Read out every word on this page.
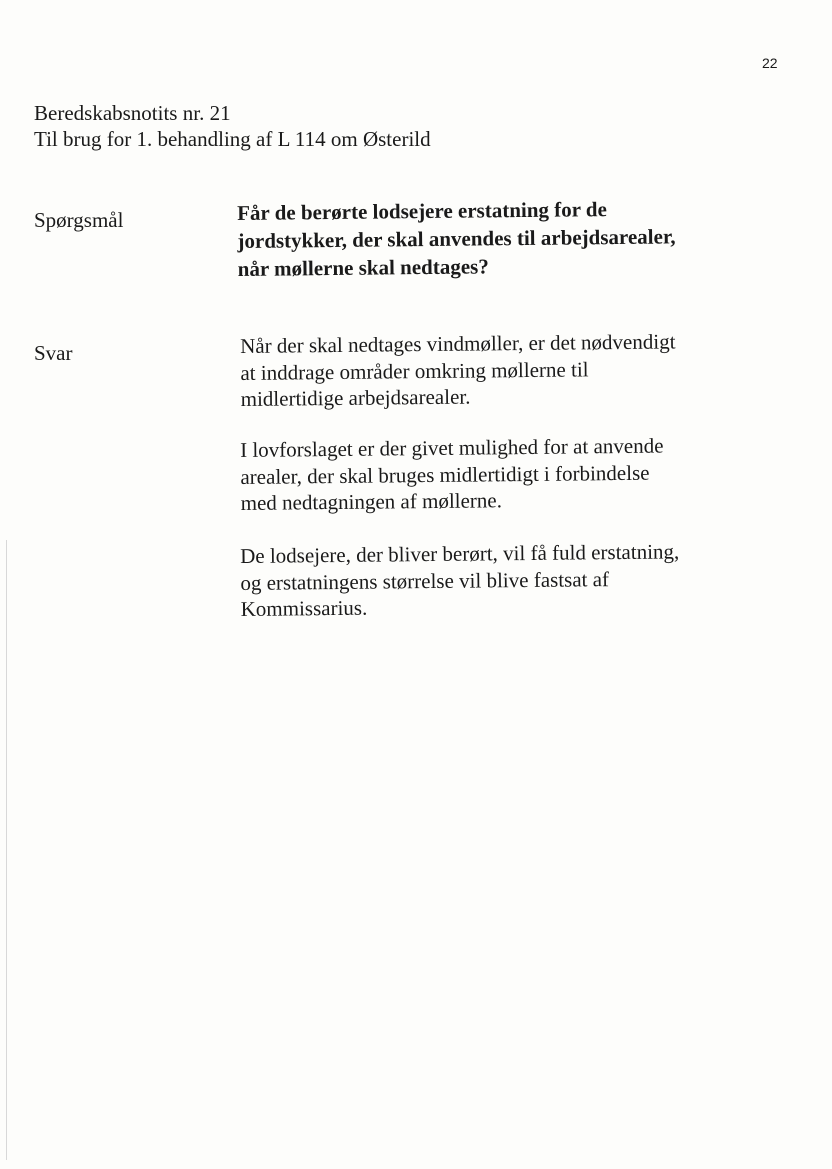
22
Beredskabsnotits nr. 21
Til brug for 1. behandling af L 114 om Østerild
Spørgsmål	Får de berørte lodsejere erstatning for de
jordstykker, der skal anvendes til arbejdsarealer,
når møllerne skal nedtages?
Svar	Når der skal nedtages vindmøller, er det nødvendigt
at inddrage områder omkring møllerne til
midlertidige arbejdsarealer.
I lovforslaget er der givet mulighed for at anvende
arealer, der skal bruges midlertidigt i forbindelse
med nedtagningen af møllerne.
De lodsejere, der bliver berørt, vil få fuld erstatning,
og erstatningens størrelse vil blive fastsat af
Kommissarius.
